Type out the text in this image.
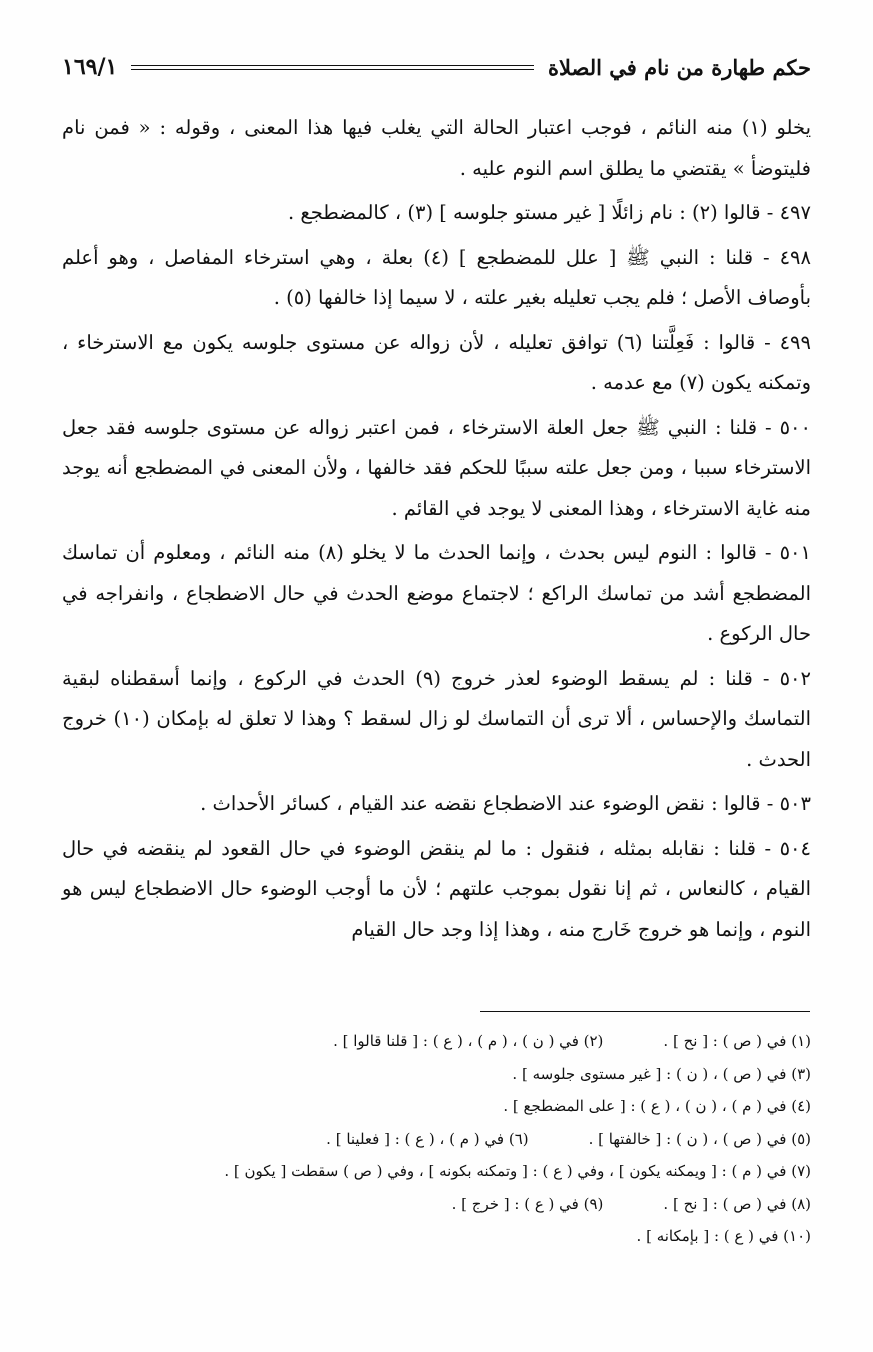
حكم طهارة من نام في الصلاة
١٦٩/١

يخلو (١) منه النائم ، فوجب اعتبار الحالة التي يغلب فيها هذا المعنى ، وقوله : « فمن نام فليتوضأ » يقتضي ما يطلق اسم النوم عليه .

٤٩٧ - قالوا (٢) : نام زائلًا [ غير مستو جلوسه ] (٣) ، كالمضطجع .

٤٩٨ - قلنا : النبي ﷺ [ علل للمضطجع ] (٤) بعلة ، وهي استرخاء المفاصل ، وهو أعلم بأوصاف الأصل ؛ فلم يجب تعليله بغير علته ، لا سيما إذا خالفها (٥) .

٤٩٩ - قالوا : فَعِلَّتنا (٦) توافق تعليله ، لأن زواله عن مستوى جلوسه يكون مع الاسترخاء ، وتمكنه يكون (٧) مع عدمه .

٥٠٠ - قلنا : النبي ﷺ جعل العلة الاسترخاء ، فمن اعتبر زواله عن مستوى جلوسه فقد جعل الاسترخاء سببا ، ومن جعل علته سببًا للحكم فقد خالفها ، ولأن المعنى في المضطجع أنه يوجد منه غاية الاسترخاء ، وهذا المعنى لا يوجد في القائم .

٥٠١ - قالوا : النوم ليس بحدث ، وإنما الحدث ما لا يخلو (٨) منه النائم ، ومعلوم أن تماسك المضطجع أشد من تماسك الراكع ؛ لاجتماع موضع الحدث في حال الاضطجاع ، وانفراجه في حال الركوع .

٥٠٢ - قلنا : لم يسقط الوضوء لعذر خروج (٩) الحدث في الركوع ، وإنما أسقطناه لبقية التماسك والإحساس ، ألا ترى أن التماسك لو زال لسقط ؟ وهذا لا تعلق له بإمكان (١٠) خروج الحدث .

٥٠٣ - قالوا : نقض الوضوء عند الاضطجاع نقضه عند القيام ، كسائر الأحداث .

٥٠٤ - قلنا : نقابله بمثله ، فنقول : ما لم ينقض الوضوء في حال القعود لم ينقضه في حال القيام ، كالنعاس ، ثم إنا نقول بموجب علتهم ؛ لأن ما أوجب الوضوء حال الاضطجاع ليس هو النوم ، وإنما هو خروج خَارج منه ، وهذا إذا وجد حال القيام

(١) في ( ص ) : [ نح ] .
(٢) في ( ن ) ، ( م ) ، ( ع ) : [ قلنا قالوا ] .
(٣) في ( ص ) ، ( ن ) : [ غير مستوى جلوسه ] .
(٤) في ( م ) ، ( ن ) ، ( ع ) : [ على المضطجع ] .
(٥) في ( ص ) ، ( ن ) : [ خالفتها ] .
(٦) في ( م ) ، ( ع ) : [ فعلينا ] .
(٧) في ( م ) : [ ويمكنه يكون ] ، وفي ( ع ) : [ وتمكنه بكونه ] ، وفي ( ص ) سقطت [ يكون ] .
(٨) في ( ص ) : [ نح ] .
(٩) في ( ع ) : [ خرج ] .
(١٠) في ( ع ) : [ بإمكانه ] .
